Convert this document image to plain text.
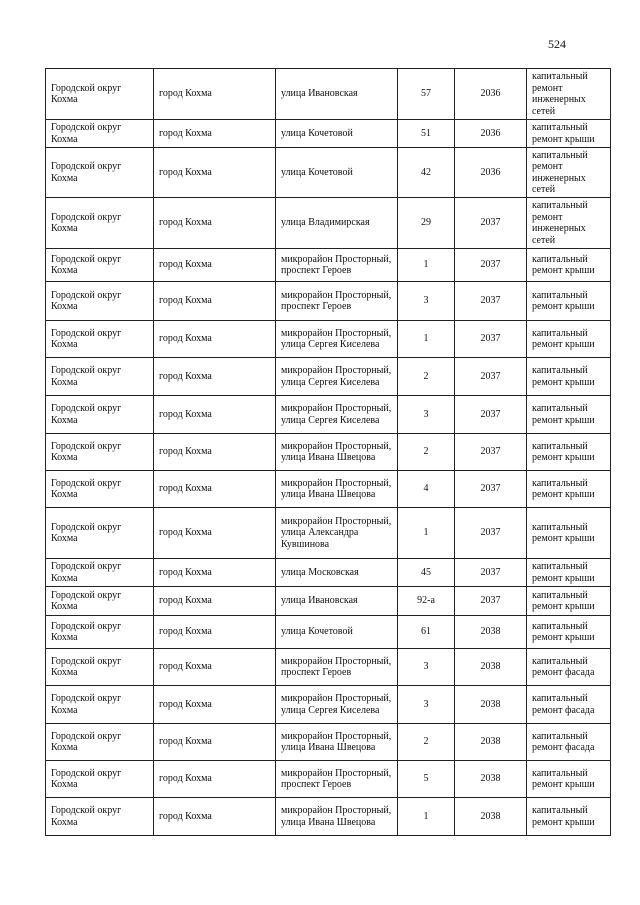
524
Городской округ Кохма	город Кохма	улица Ивановская	57	2036	капитальный ремонт инженерных сетей
Городской округ Кохма	город Кохма	улица Кочетовой	51	2036	капитальный ремонт крыши
Городской округ Кохма	город Кохма	улица Кочетовой	42	2036	капитальный ремонт инженерных сетей
Городской округ Кохма	город Кохма	улица Владимирская	29	2037	капитальный ремонт инженерных сетей
Городской округ Кохма	город Кохма	микрорайон Просторный, проспект Героев	1	2037	капитальный ремонт крыши
Городской округ Кохма	город Кохма	микрорайон Просторный, проспект Героев	3	2037	капитальный ремонт крыши
Городской округ Кохма	город Кохма	микрорайон Просторный, улица Сергея Киселева	1	2037	капитальный ремонт крыши
Городской округ Кохма	город Кохма	микрорайон Просторный, улица Сергея Киселева	2	2037	капитальный ремонт крыши
Городской округ Кохма	город Кохма	микрорайон Просторный, улица Сергея Киселева	3	2037	капитальный ремонт крыши
Городской округ Кохма	город Кохма	микрорайон Просторный, улица Ивана Швецова	2	2037	капитальный ремонт крыши
Городской округ Кохма	город Кохма	микрорайон Просторный, улица Ивана Швецова	4	2037	капитальный ремонт крыши
Городской округ Кохма	город Кохма	микрорайон Просторный, улица Александра Кувшинова	1	2037	капитальный ремонт крыши
Городской округ Кохма	город Кохма	улица Московская	45	2037	капитальный ремонт крыши
Городской округ Кохма	город Кохма	улица Ивановская	92-а	2037	капитальный ремонт крыши
Городской округ Кохма	город Кохма	улица Кочетовой	61	2038	капитальный ремонт крыши
Городской округ Кохма	город Кохма	микрорайон Просторный, проспект Героев	3	2038	капитальный ремонт фасада
Городской округ Кохма	город Кохма	микрорайон Просторный, улица Сергея Киселева	3	2038	капитальный ремонт фасада
Городской округ Кохма	город Кохма	микрорайон Просторный, улица Ивана Швецова	2	2038	капитальный ремонт фасада
Городской округ Кохма	город Кохма	микрорайон Просторный, проспект Героев	5	2038	капитальный ремонт крыши
Городской округ Кохма	город Кохма	микрорайон Просторный, улица Ивана Швецова	1	2038	капитальный ремонт крыши
